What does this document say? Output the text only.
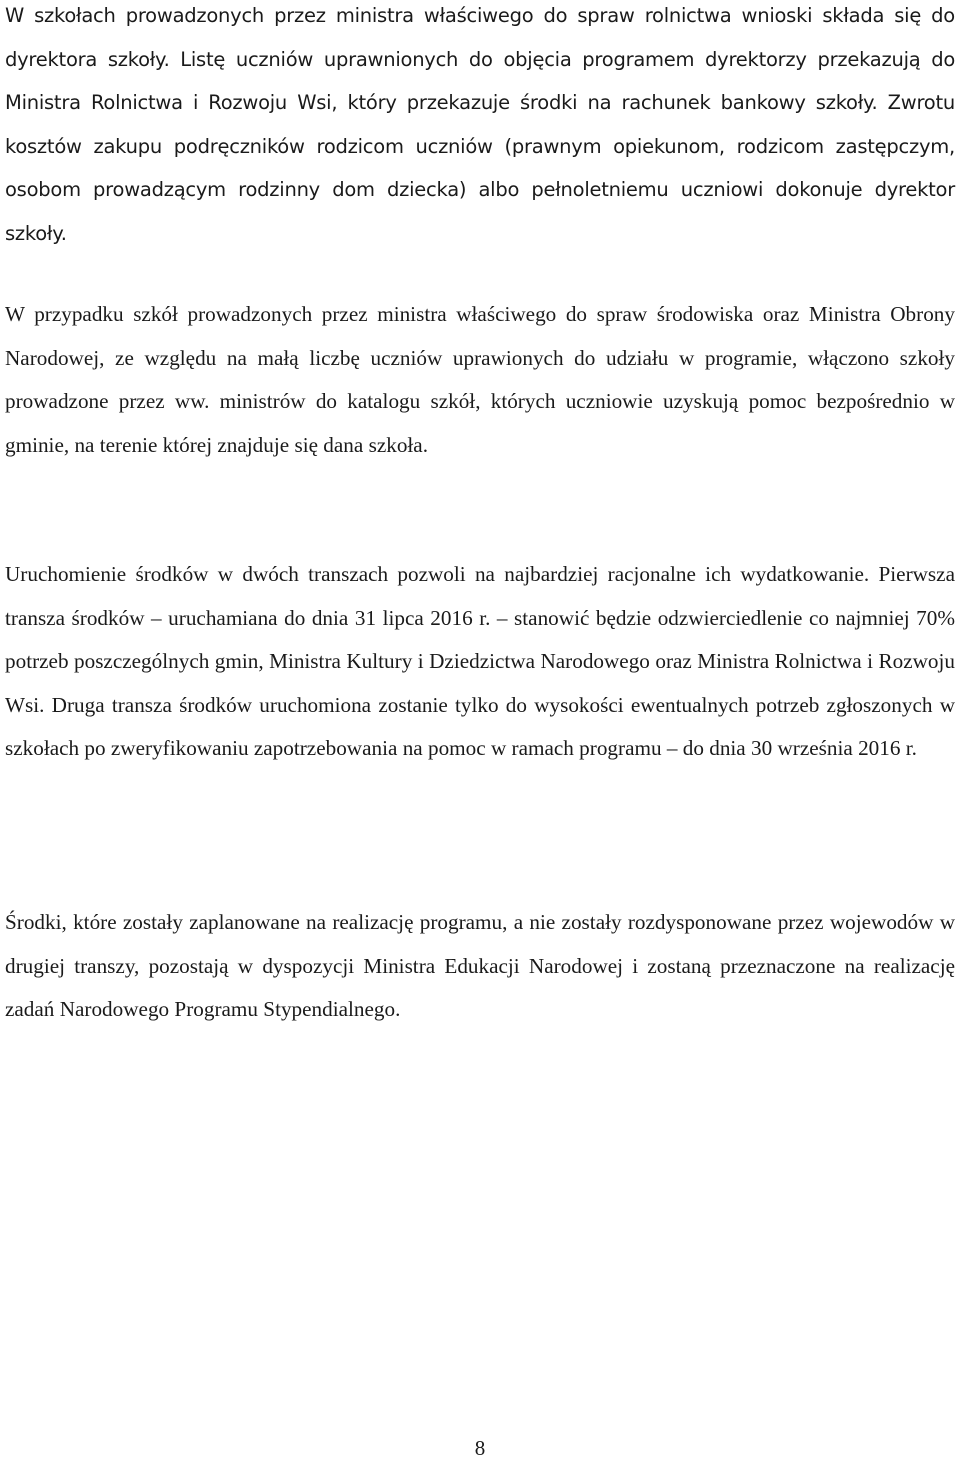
W szkołach prowadzonych przez ministra właściwego do spraw rolnictwa wnioski składa się do dyrektora szkoły. Listę uczniów uprawnionych do objęcia programem dyrektorzy przekazują do Ministra Rolnictwa i Rozwoju Wsi, który przekazuje środki na rachunek bankowy szkoły. Zwrotu kosztów zakupu podręczników rodzicom uczniów (prawnym opiekunom, rodzicom zastępczym, osobom prowadzącym rodzinny dom dziecka) albo pełnoletniemu uczniowi dokonuje dyrektor szkoły.

W przypadku szkół prowadzonych przez ministra właściwego do spraw środowiska oraz Ministra Obrony Narodowej, ze względu na małą liczbę uczniów uprawionych do udziału w programie, włączono szkoły prowadzone przez ww. ministrów do katalogu szkół, których uczniowie uzyskują pomoc bezpośrednio w gminie, na terenie której znajduje się dana szkoła.

Uruchomienie środków w dwóch transzach pozwoli na najbardziej racjonalne ich wydatkowanie. Pierwsza transza środków – uruchamiana do dnia 31 lipca 2016 r. – stanowić będzie odzwierciedlenie co najmniej 70% potrzeb poszczególnych gmin, Ministra Kultury i Dziedzictwa Narodowego oraz Ministra Rolnictwa i Rozwoju Wsi. Druga transza środków uruchomiona zostanie tylko do wysokości ewentualnych potrzeb zgłoszonych w szkołach po zweryfikowaniu zapotrzebowania na pomoc w ramach programu – do dnia 30 września 2016 r.

Środki, które zostały zaplanowane na realizację programu, a nie zostały rozdysponowane przez wojewodów w drugiej transzy, pozostają w dyspozycji Ministra Edukacji Narodowej i zostaną przeznaczone na realizację zadań Narodowego Programu Stypendialnego.

8
